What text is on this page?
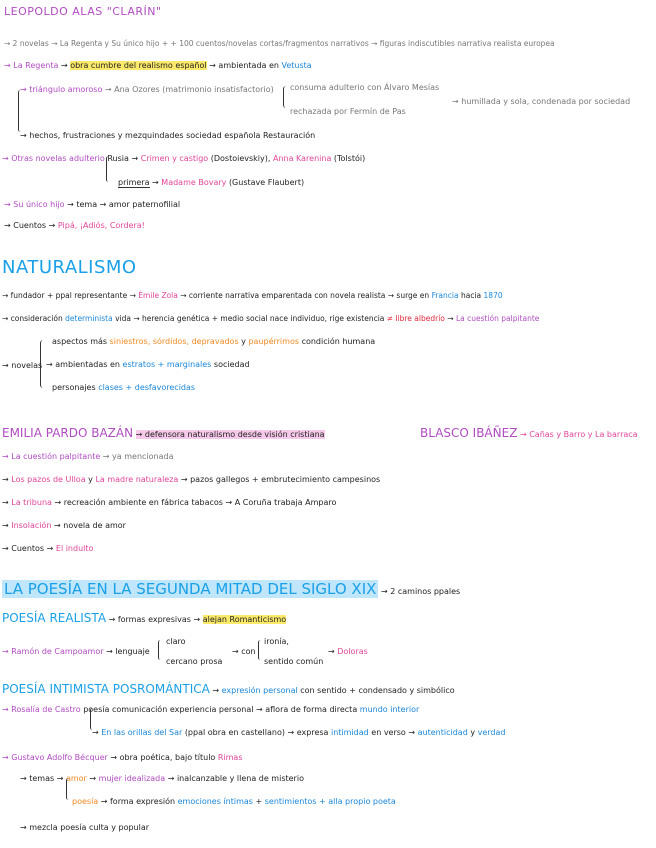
LEOPOLDO ALAS "CLARÍN"
→ 2 novelas → La Regenta y Su único hijo + + 100 cuentos/novelas cortas/fragmentos narrativos → figuras indiscutibles narrativa realista europea
→ La Regenta → obra cumbre del realismo español → ambientada en Vetusta
→ triángulo amoroso → Ana Ozores (matrimonio insatisfactorio) consuma adulterio con Álvaro Mesías
rechazada por Fermín de Pas
→ humillada y sola, condenada por sociedad
→ hechos, frustraciones y mezquindades sociedad española Restauración
→ Otras novelas adulterio Rusia → Crimen y castigo (Dostoievskiy), Anna Karenina (Tolstói)
primera → Madame Bovary (Gustave Flaubert)
→ Su único hijo → tema → amor paternofilial
→ Cuentos → Pipá, ¡Adiós, Cordera!
NATURALISMO
→ fundador + ppal representante → Émile Zola → corriente narrativa emparentada con novela realista → surge en Francia hacia 1870
→ consideración determinista vida → herencia genética + medio social nace individuo, rige existencia ≠ libre albedrío → La cuestión palpitante
→ novelas
aspectos más siniestros, sórdidos, depravados y paupérrimos condición humana
→ ambientadas en estratos + marginales sociedad
personajes clases + desfavorecidas
EMILIA PARDO BAZÁN → defensora naturalismo desde visión cristiana	BLASCO IBÁÑEZ → Cañas y Barro y La barraca
→ La cuestión palpitante → ya mencionada
→ Los pazos de Ulloa y La madre naturaleza → pazos gallegos + embrutecimiento campesinos
→ La tribuna → recreación ambiente en fábrica tabacos → A Coruña trabaja Amparo
→ Insolación → novela de amor
→ Cuentos → El indulto
LA POESÍA EN LA SEGUNDA MITAD DEL SIGLO XIX → 2 caminos ppales
POESÍA REALISTA → formas expresivas → alejan Romanticismo
→ Ramón de Campoamor → lenguaje
claro
cercano prosa
→ con
ironía,
sentido común
→ Doloras
POESÍA INTIMISTA POSROMÁNTICA → expresión personal con sentido + condensado y simbólico
→ Rosalía de Castro poesía comunicación experiencia personal → aflora de forma directa mundo interior
→ En las orillas del Sar (ppal obra en castellano) → expresa intimidad en verso → autenticidad y verdad
→ Gustavo Adolfo Bécquer → obra poética, bajo título Rimas
→ temas → amor → mujer idealizada → inalcanzable y llena de misterio
poesía → forma expresión emociones íntimas + sentimientos + alla propio poeta
→ mezcla poesía culta y popular
